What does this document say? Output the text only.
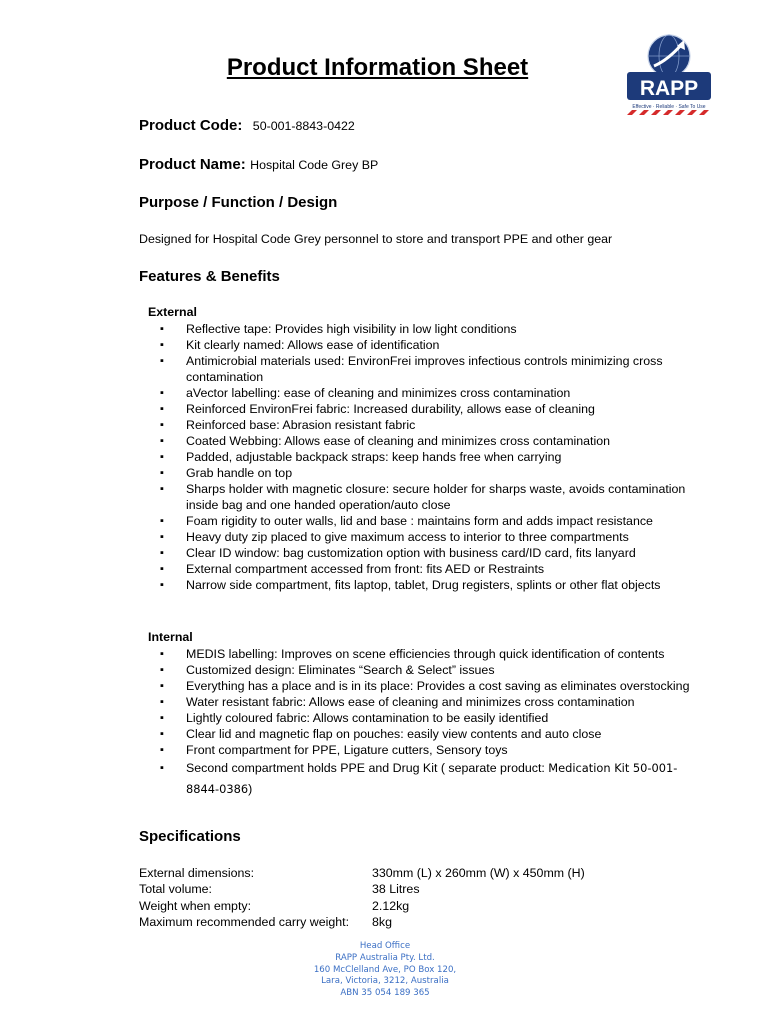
Product Information Sheet
RAPP
Effective · Reliable · Safe To Use
Product Code: 50-001-8843-0422
Product Name: Hospital Code Grey BP
Purpose / Function / Design
Designed for Hospital Code Grey personnel to store and transport PPE and other gear
Features & Benefits
External
▪ Reflective tape: Provides high visibility in low light conditions
▪ Kit clearly named: Allows ease of identification
▪ Antimicrobial materials used: EnvironFrei improves infectious controls minimizing cross contamination
▪ aVector labelling: ease of cleaning and minimizes cross contamination
▪ Reinforced EnvironFrei fabric: Increased durability, allows ease of cleaning
▪ Reinforced base: Abrasion resistant fabric
▪ Coated Webbing: Allows ease of cleaning and minimizes cross contamination
▪ Padded, adjustable backpack straps: keep hands free when carrying
▪ Grab handle on top
▪ Sharps holder with magnetic closure: secure holder for sharps waste, avoids contamination inside bag and one handed operation/auto close
▪ Foam rigidity to outer walls, lid and base : maintains form and adds impact resistance
▪ Heavy duty zip placed to give maximum access to interior to three compartments
▪ Clear ID window: bag customization option with business card/ID card, fits lanyard
▪ External compartment accessed from front: fits AED or Restraints
▪ Narrow side compartment, fits laptop, tablet, Drug registers, splints or other flat objects
Internal
▪ MEDIS labelling: Improves on scene efficiencies through quick identification of contents
▪ Customized design: Eliminates “Search & Select” issues
▪ Everything has a place and is in its place: Provides a cost saving as eliminates overstocking
▪ Water resistant fabric: Allows ease of cleaning and minimizes cross contamination
▪ Lightly coloured fabric: Allows contamination to be easily identified
▪ Clear lid and magnetic flap on pouches: easily view contents and auto close
▪ Front compartment for PPE, Ligature cutters, Sensory toys
▪ Second compartment holds PPE and Drug Kit ( separate product: Medication Kit 50-001-8844-0386)
Specifications
External dimensions:	330mm (L) x 260mm (W) x 450mm (H)
Total volume:	38 Litres
Weight when empty:	2.12kg
Maximum recommended carry weight: 8kg
Head Office
RAPP Australia Pty. Ltd.
160 McClelland Ave, PO Box 120,
Lara, Victoria, 3212, Australia
ABN 35 054 189 365
